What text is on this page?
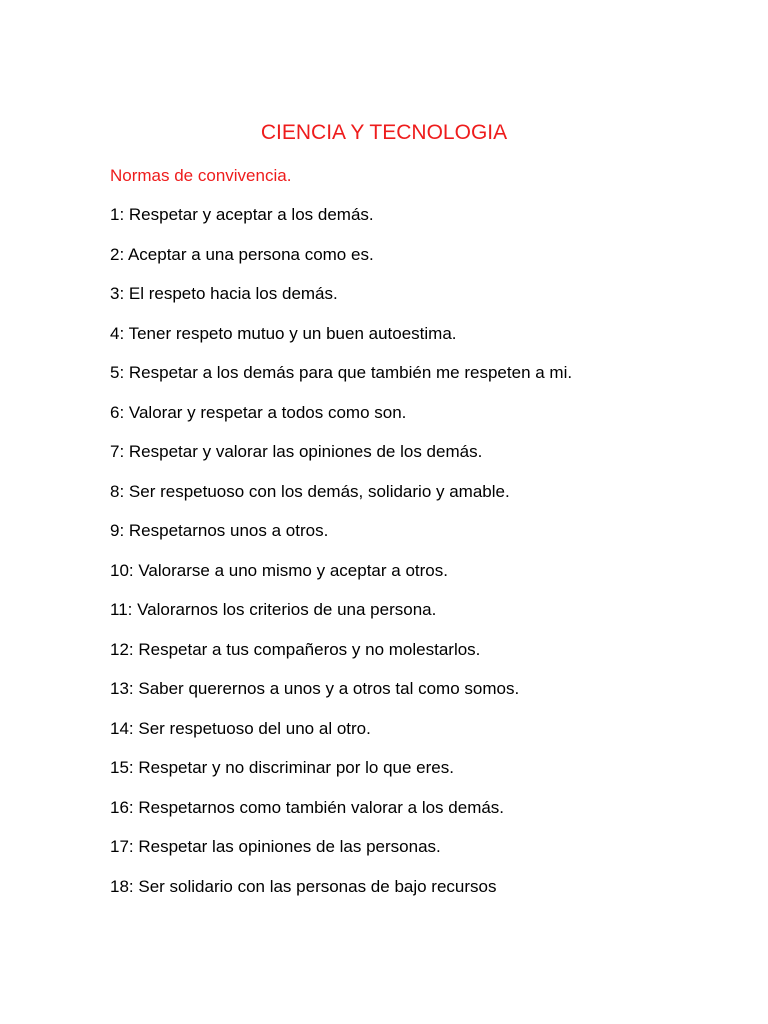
CIENCIA Y TECNOLOGIA

Normas de convivencia.

1: Respetar y aceptar a los demás.
2: Aceptar a una persona como es.
3: El respeto hacia los demás.
4: Tener respeto mutuo y un buen autoestima.
5: Respetar a los demás para que también me respeten a mi.
6: Valorar y respetar a todos como son.
7: Respetar y valorar las opiniones de los demás.
8: Ser respetuoso con los demás, solidario y amable.
9: Respetarnos unos a otros.
10: Valorarse a uno mismo y aceptar a otros.
11: Valorarnos los criterios de una persona.
12: Respetar a tus compañeros y no molestarlos.
13: Saber querernos a unos y a otros tal como somos.
14: Ser respetuoso del uno al otro.
15: Respetar y no discriminar por lo que eres.
16: Respetarnos como también valorar a los demás.
17: Respetar las opiniones de las personas.
18: Ser solidario con las personas de bajo recursos
